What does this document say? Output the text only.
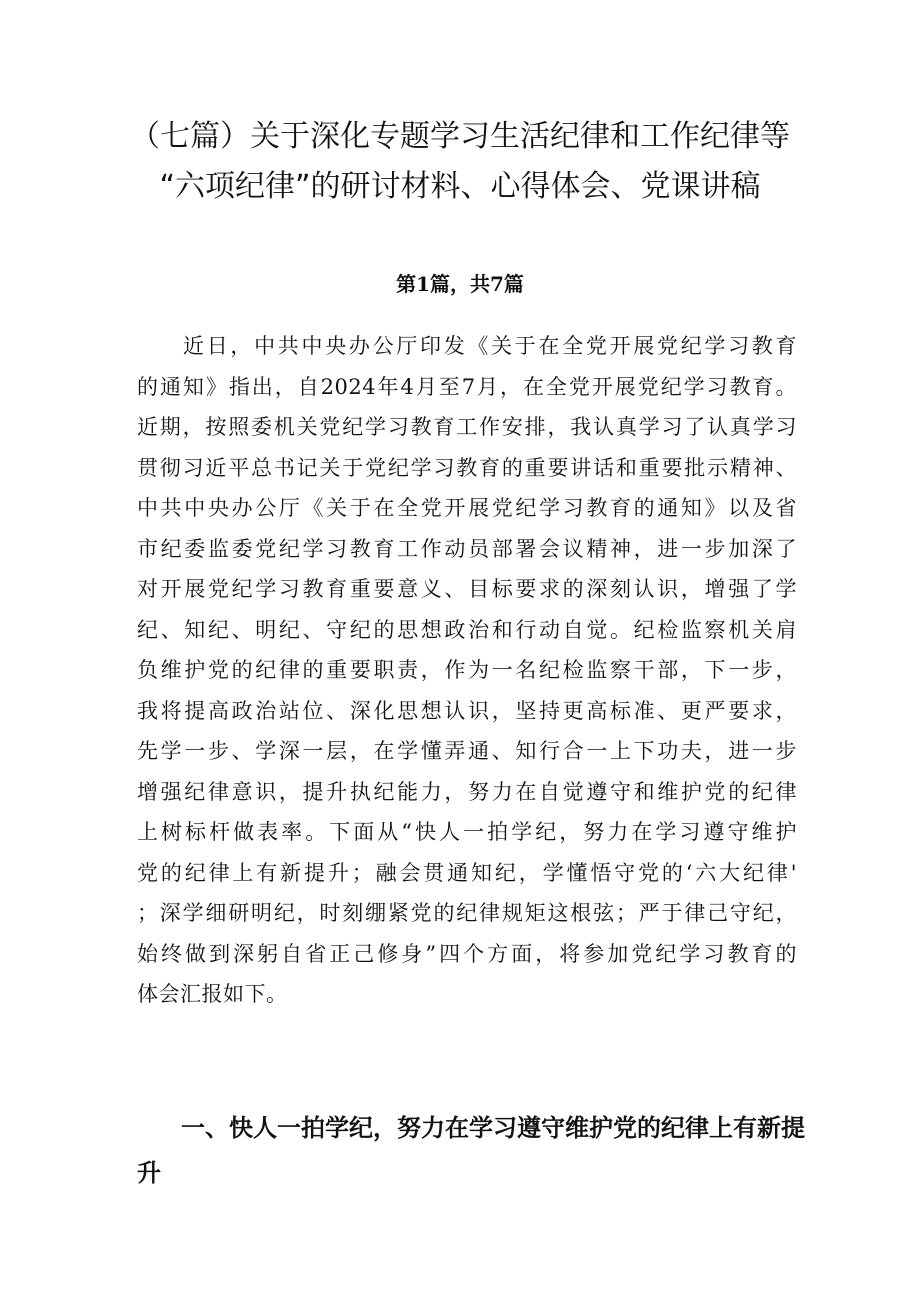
（七篇）关于深化专题学习生活纪律和工作纪律等
“六项纪律”的研讨材料、心得体会、党课讲稿
第1篇，共7篇
近日，中共中央办公厅印发《关于在全党开展党纪学习教育
的通知》指出，自2024年4月至7月，在全党开展党纪学习教育。
近期，按照委机关党纪学习教育工作安排，我认真学习了认真学习
贯彻习近平总书记关于党纪学习教育的重要讲话和重要批示精神、
中共中央办公厅《关于在全党开展党纪学习教育的通知》以及省
市纪委监委党纪学习教育工作动员部署会议精神，进一步加深了
对开展党纪学习教育重要意义、目标要求的深刻认识，增强了学
纪、知纪、明纪、守纪的思想政治和行动自觉。纪检监察机关肩
负维护党的纪律的重要职责，作为一名纪检监察干部，下一步，
我将提高政治站位、深化思想认识，坚持更高标准、更严要求，
先学一步、学深一层，在学懂弄通、知行合一上下功夫，进一步
增强纪律意识，提升执纪能力，努力在自觉遵守和维护党的纪律
上树标杆做表率。下面从“快人一拍学纪，努力在学习遵守维护
党的纪律上有新提升；融会贯通知纪，学懂悟守党的‘六大纪律'
；深学细研明纪，时刻绷紧党的纪律规矩这根弦；严于律己守纪，
始终做到深躬自省正己修身”四个方面，将参加党纪学习教育的
体会汇报如下。
一、快人一拍学纪，努力在学习遵守维护党的纪律上有新提
升
